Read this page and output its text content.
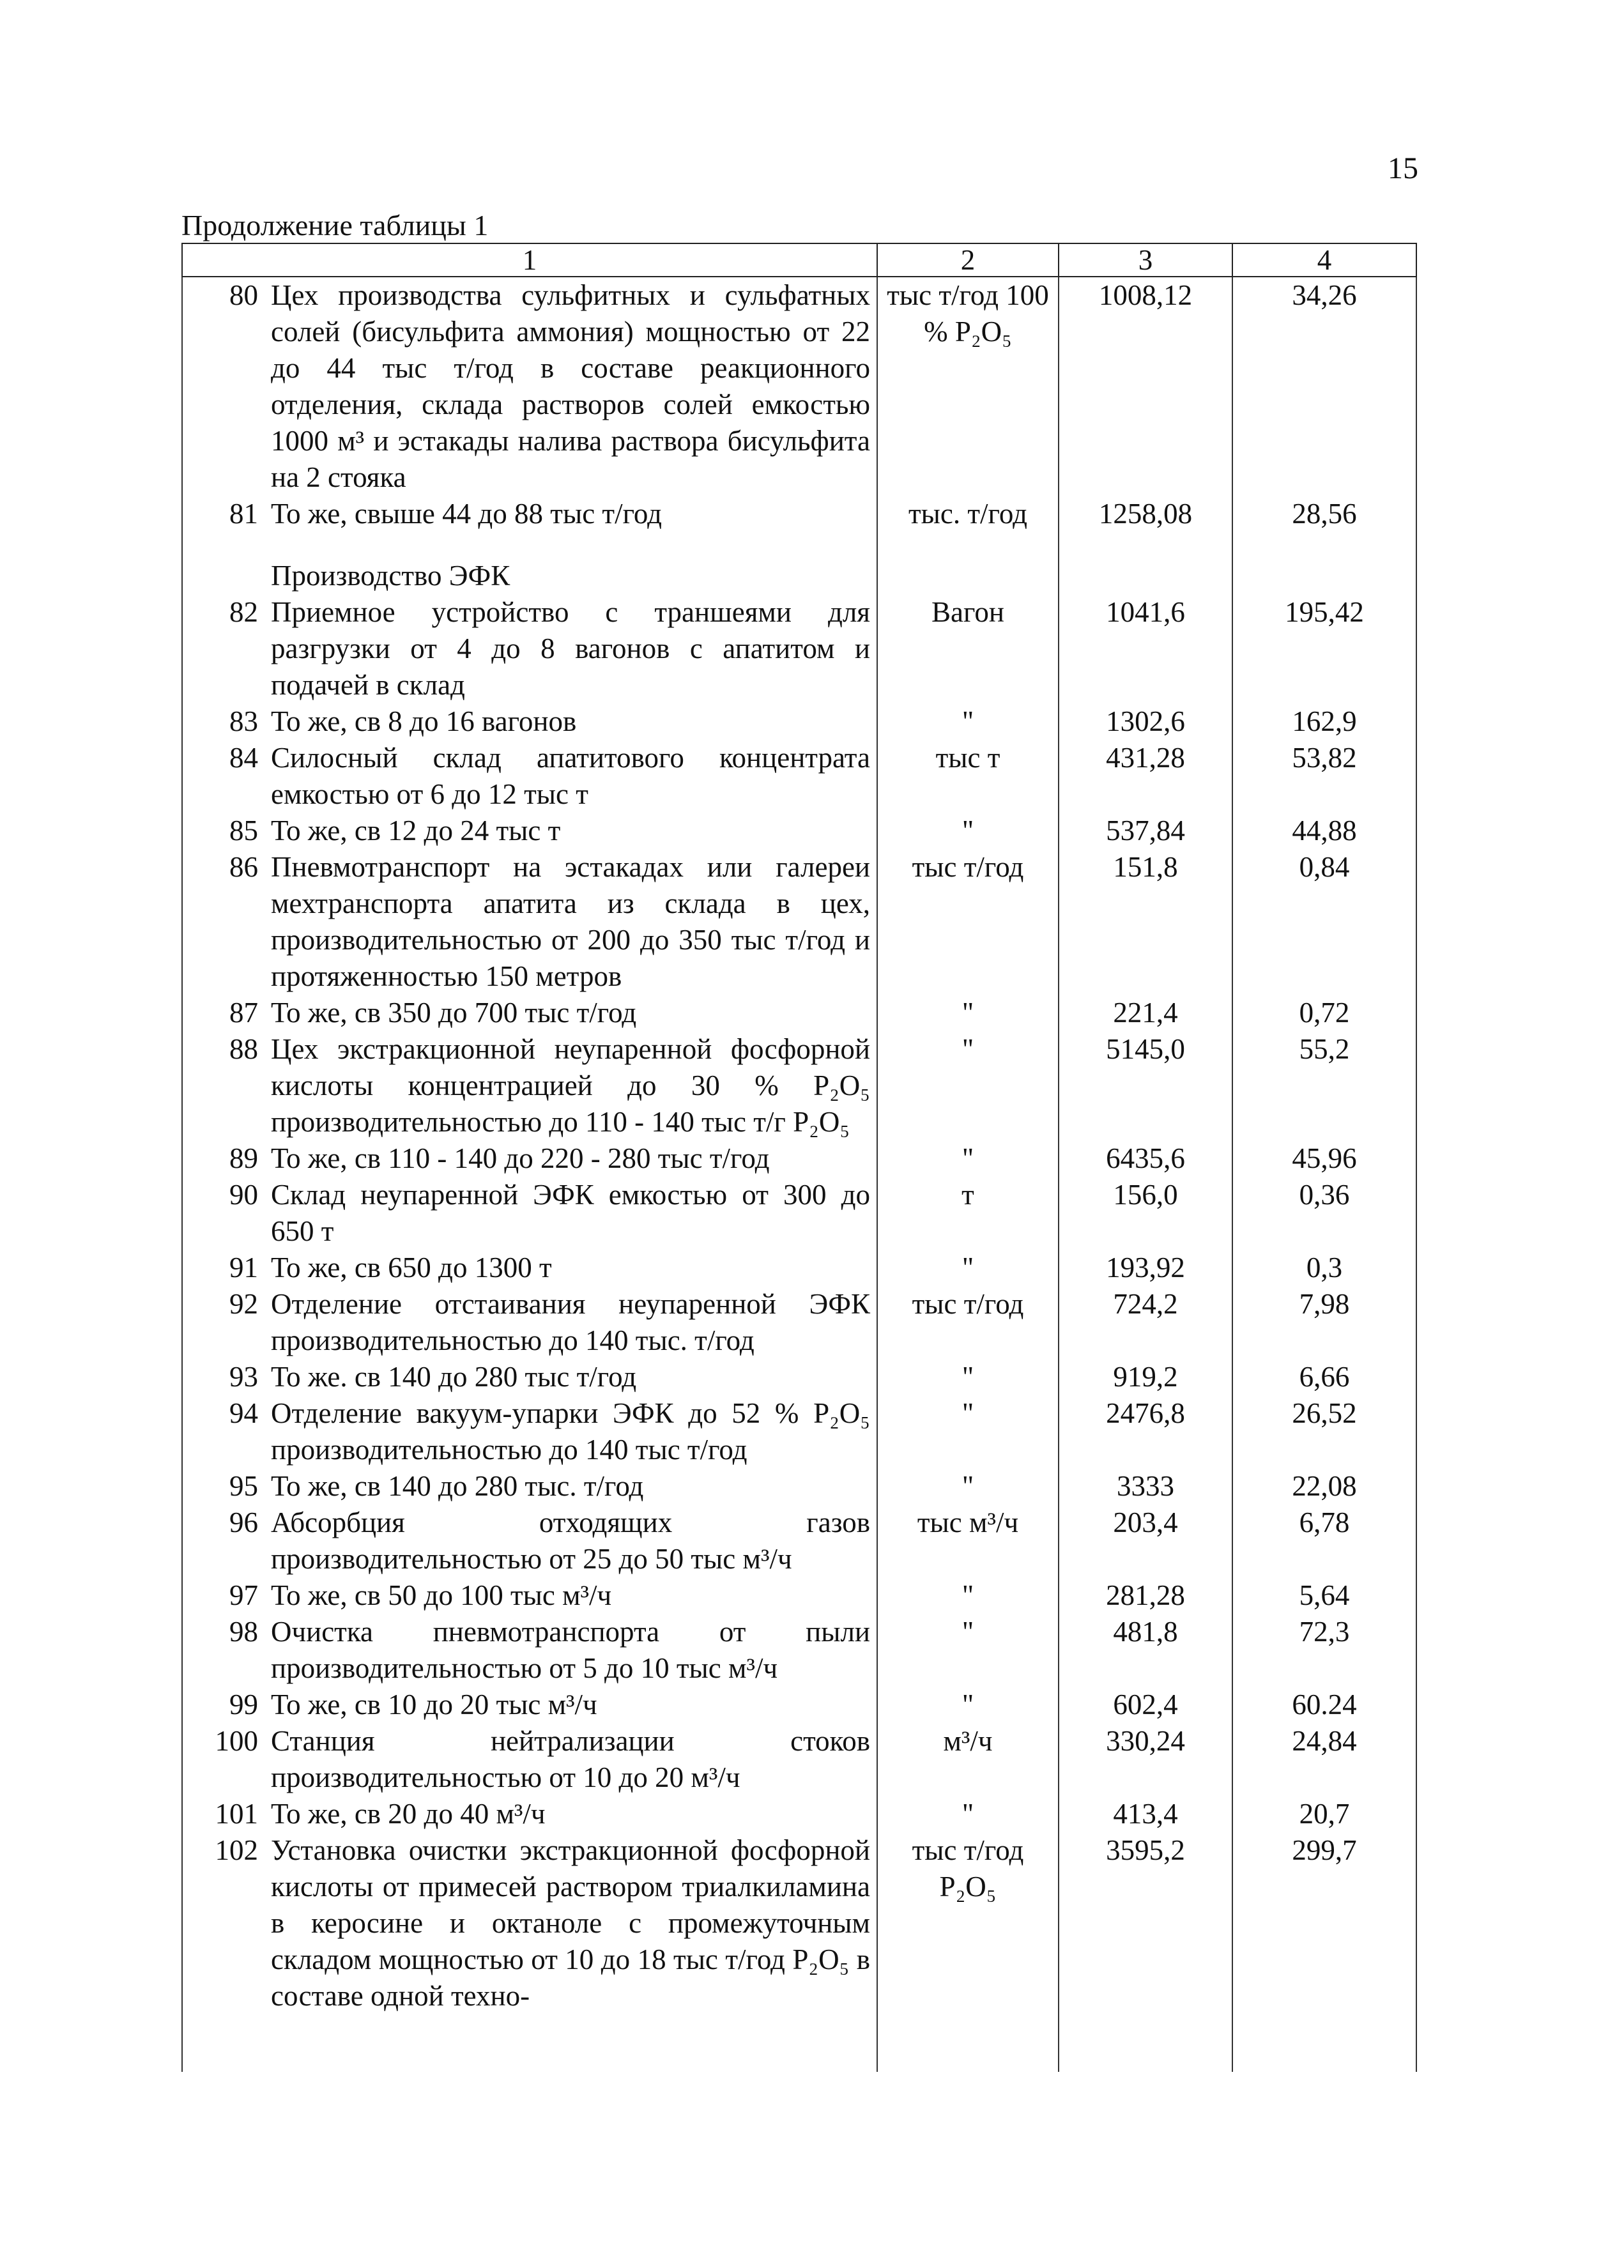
15
Продолжение таблицы 1
1	2	3	4

80 Цех производства сульфитных и сульфатных солей (бисульфита аммония) мощностью от 22 до 44 тыс т/год в составе реакционного отделения, склада растворов солей емкостью 1000 м³ и эстакады налива раствора бисульфита на 2 стояка	тыс т/год 100 % P₂O₅	1008,12	34,26

81 То же, свыше 44 до 88 тыс т/год	тыс. т/год	1258,08	28,56

Производство ЭФК			

82 Приемное устройство с траншеями для разгрузки от 4 до 8 вагонов с апатитом и подачей в склад	Вагон	1041,6	195,42

83 То же, св 8 до 16 вагонов	"	1302,6	162,9

84 Силосный склад апатитового концентрата емкостью от 6 до 12 тыс т	тыс т	431,28	53,82

85 То же, св 12 до 24 тыс т	"	537,84	44,88

86 Пневмотранспорт на эстакадах или галереи мехтранспорта апатита из склада в цех, производительностью от 200 до 350 тыс т/год и протяженностью 150 метров	тыс т/год	151,8	0,84

87 То же, св 350 до 700 тыс т/год	"	221,4	0,72

88 Цех экстракционной неупаренной фосфорной кислоты концентрацией до 30 % P₂O₅ производительностью до 110 - 140 тыс т/г P₂O₅	"	5145,0	55,2

89 То же, св 110 - 140 до 220 - 280 тыс т/год	"	6435,6	45,96

90 Склад неупаренной ЭФК емкостью от 300 до 650 т	т	156,0	0,36

91 То же, св 650 до 1300 т	"	193,92	0,3

92 Отделение отстаивания неупаренной ЭФК производительностью до 140 тыс. т/год	тыс т/год	724,2	7,98

93 То же. св 140 до 280 тыс т/год	"	919,2	6,66

94 Отделение вакуум-упарки ЭФК до 52 % P₂O₅ производительностью до 140 тыс т/год	"	2476,8	26,52

95 То же, св 140 до 280 тыс. т/год	"	3333	22,08

96 Абсорбция отходящих газов производительностью от 25 до 50 тыс м³/ч	тыс м³/ч	203,4	6,78

97 То же, св 50 до 100 тыс м³/ч	"	281,28	5,64

98 Очистка пневмотранспорта от пыли производительностью от 5 до 10 тыс м³/ч	"	481,8	72,3

99 То же, св 10 до 20 тыс м³/ч	"	602,4	60.24

100 Станция нейтрализации стоков производительностью от 10 до 20 м³/ч	м³/ч	330,24	24,84

101 То же, св 20 до 40 м³/ч	"	413,4	20,7

102 Установка очистки экстракционной фосфорной кислоты от примесей раствором триалкиламина в керосине и октаноле с промежуточным складом мощностью от 10 до 18 тыс т/год P₂O₅ в составе одной техно-	тыс т/год P₂O₅	3595,2	299,7
